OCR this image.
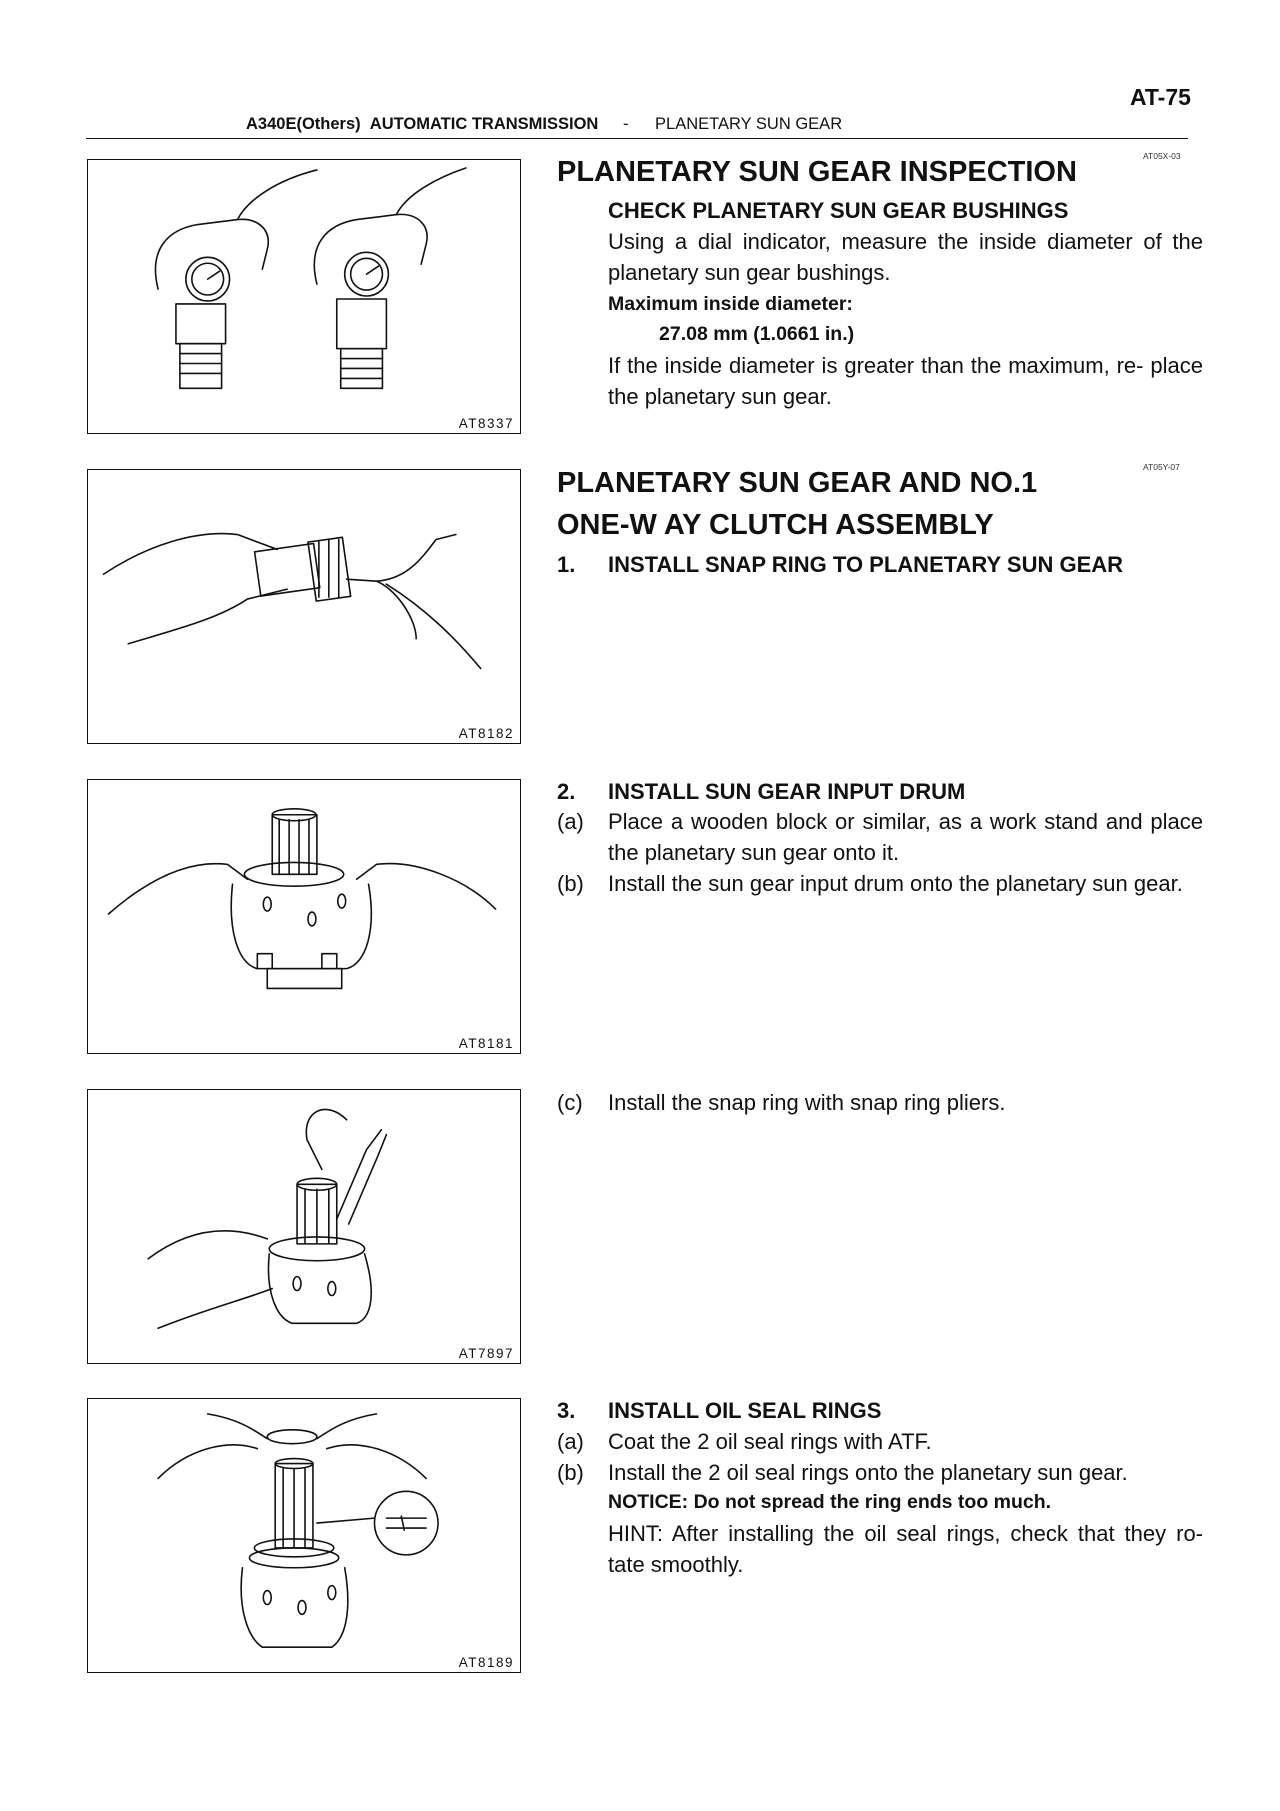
AT-75
A340E(Others) AUTOMATIC TRANSMISSION - PLANETARY SUN GEAR
AT8337
AT8182
AT8181
AT7897
AT8189
AT05X-03
PLANETARY SUN GEAR INSPECTION
CHECK PLANETARY SUN GEAR BUSHINGS
Using a dial indicator, measure the inside diameter of the planetary sun gear bushings.
Maximum inside diameter:
27.08 mm (1.0661 in.)
If the inside diameter is greater than the maximum, re- place the planetary sun gear.
AT05Y-07
PLANETARY SUN GEAR AND NO.1
ONE-W AY CLUTCH ASSEMBLY
1. INSTALL SNAP RING TO PLANETARY SUN GEAR
2. INSTALL SUN GEAR INPUT DRUM
(a) Place a wooden block or similar, as a work stand and place the planetary sun gear onto it.
(b) Install the sun gear input drum onto the planetary sun gear.
(c) Install the snap ring with snap ring pliers.
3. INSTALL OIL SEAL RINGS
(a) Coat the 2 oil seal rings with ATF.
(b) Install the 2 oil seal rings onto the planetary sun gear.
NOTICE: Do not spread the ring ends too much.
HINT: After installing the oil seal rings, check that they ro- tate smoothly.
